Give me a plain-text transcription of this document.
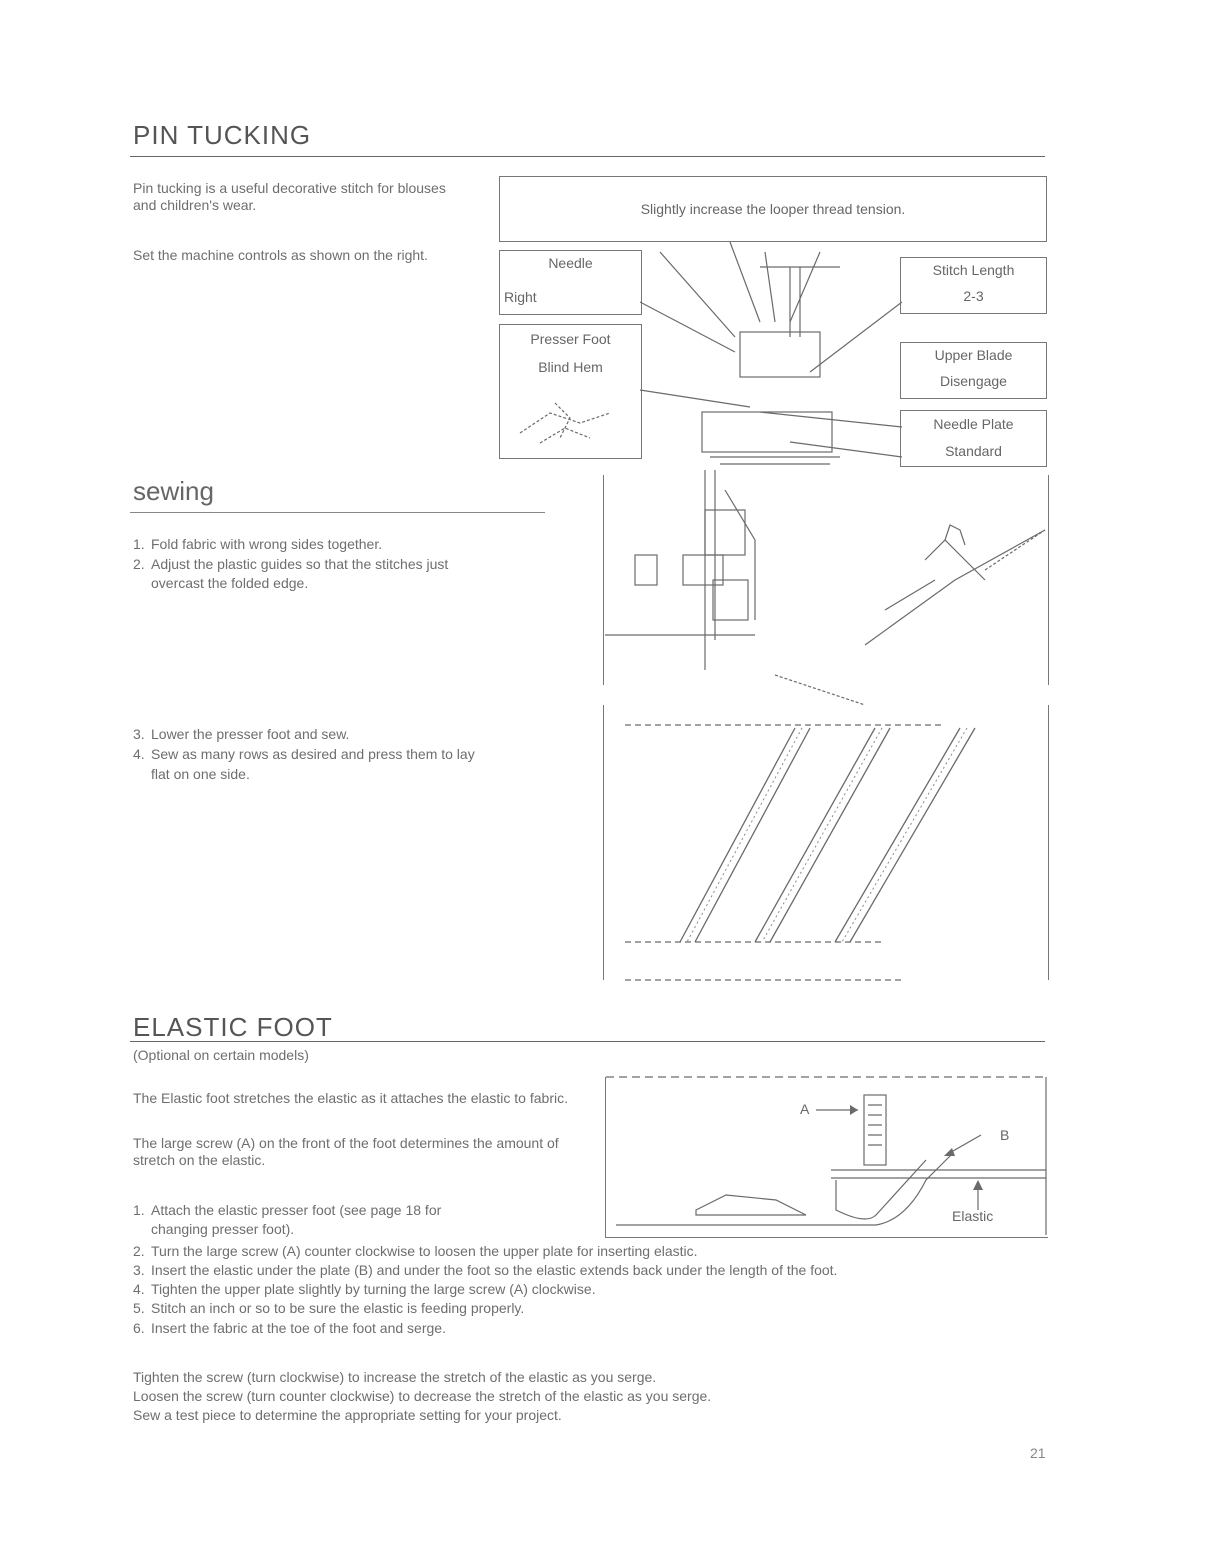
PIN TUCKING
Pin tucking is a useful decorative stitch for blouses and children's wear.
Set the machine controls as shown on the right.
Slightly increase the looper thread tension.
Needle
Right
Presser Foot
Blind Hem
Stitch Length
2-3
Upper Blade
Disengage
Needle Plate
Standard
sewing
1. Fold fabric with wrong sides together.
2. Adjust the plastic guides so that the stitches just
overcast the folded edge.
3. Lower the presser foot and sew.
4. Sew as many rows as desired and press them to lay
flat on one side.
ELASTIC FOOT
(Optional on certain models)
The Elastic foot stretches the elastic as it attaches the elastic to fabric.
The large screw (A) on the front of the foot determines the amount of stretch on the elastic.
1. Attach the elastic presser foot (see page 18 for
changing presser foot).
A
B
Elastic
2. Turn the large screw (A) counter clockwise to loosen the upper plate for inserting elastic.
3. Insert the elastic under the plate (B) and under the foot so the elastic extends back under the length of the foot.
4. Tighten the upper plate slightly by turning the large screw (A) clockwise.
5. Stitch an inch or so to be sure the elastic is feeding properly.
6. Insert the fabric at the toe of the foot and serge.
Tighten the screw (turn clockwise) to increase the stretch of the elastic as you serge.
Loosen the screw (turn counter clockwise) to decrease the stretch of the elastic as you serge.
Sew a test piece to determine the appropriate setting for your project.
21
